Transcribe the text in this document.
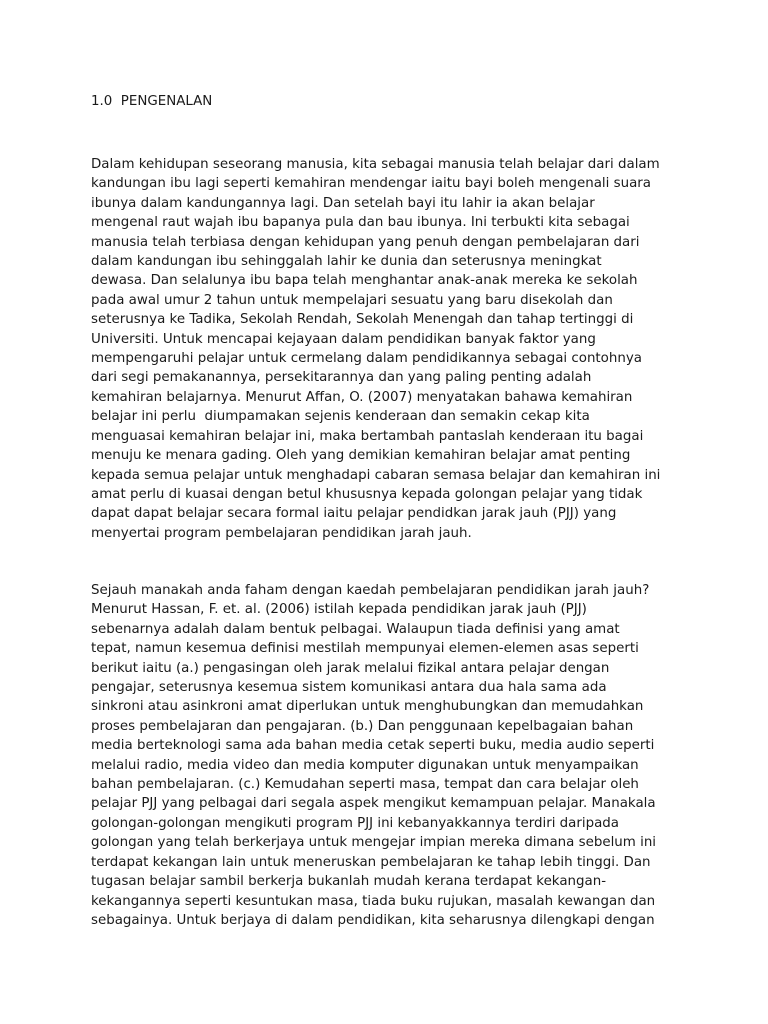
1.0  PENGENALAN
Dalam kehidupan seseorang manusia, kita sebagai manusia telah belajar dari dalam
kandungan ibu lagi seperti kemahiran mendengar iaitu bayi boleh mengenali suara
ibunya dalam kandungannya lagi. Dan setelah bayi itu lahir ia akan belajar
mengenal raut wajah ibu bapanya pula dan bau ibunya. Ini terbukti kita sebagai
manusia telah terbiasa dengan kehidupan yang penuh dengan pembelajaran dari
dalam kandungan ibu sehinggalah lahir ke dunia dan seterusnya meningkat
dewasa. Dan selalunya ibu bapa telah menghantar anak-anak mereka ke sekolah
pada awal umur 2 tahun untuk mempelajari sesuatu yang baru disekolah dan
seterusnya ke Tadika, Sekolah Rendah, Sekolah Menengah dan tahap tertinggi di
Universiti. Untuk mencapai kejayaan dalam pendidikan banyak faktor yang
mempengaruhi pelajar untuk cermelang dalam pendidikannya sebagai contohnya
dari segi pemakanannya, persekitarannya dan yang paling penting adalah
kemahiran belajarnya. Menurut Affan, O. (2007) menyatakan bahawa kemahiran
belajar ini perlu  diumpamakan sejenis kenderaan dan semakin cekap kita
menguasai kemahiran belajar ini, maka bertambah pantaslah kenderaan itu bagai
menuju ke menara gading. Oleh yang demikian kemahiran belajar amat penting
kepada semua pelajar untuk menghadapi cabaran semasa belajar dan kemahiran ini
amat perlu di kuasai dengan betul khususnya kepada golongan pelajar yang tidak
dapat dapat belajar secara formal iaitu pelajar pendidkan jarak jauh (PJJ) yang
menyertai program pembelajaran pendidikan jarah jauh.
Sejauh manakah anda faham dengan kaedah pembelajaran pendidikan jarah jauh?
Menurut Hassan, F. et. al. (2006) istilah kepada pendidikan jarak jauh (PJJ)
sebenarnya adalah dalam bentuk pelbagai. Walaupun tiada definisi yang amat
tepat, namun kesemua definisi mestilah mempunyai elemen-elemen asas seperti
berikut iaitu (a.) pengasingan oleh jarak melalui fizikal antara pelajar dengan
pengajar, seterusnya kesemua sistem komunikasi antara dua hala sama ada
sinkroni atau asinkroni amat diperlukan untuk menghubungkan dan memudahkan
proses pembelajaran dan pengajaran. (b.) Dan penggunaan kepelbagaian bahan
media berteknologi sama ada bahan media cetak seperti buku, media audio seperti
melalui radio, media video dan media komputer digunakan untuk menyampaikan
bahan pembelajaran. (c.) Kemudahan seperti masa, tempat dan cara belajar oleh
pelajar PJJ yang pelbagai dari segala aspek mengikut kemampuan pelajar. Manakala
golongan-golongan mengikuti program PJJ ini kebanyakkannya terdiri daripada
golongan yang telah berkerjaya untuk mengejar impian mereka dimana sebelum ini
terdapat kekangan lain untuk meneruskan pembelajaran ke tahap lebih tinggi. Dan
tugasan belajar sambil berkerja bukanlah mudah kerana terdapat kekangan-
kekangannya seperti kesuntukan masa, tiada buku rujukan, masalah kewangan dan
sebagainya. Untuk berjaya di dalam pendidikan, kita seharusnya dilengkapi dengan
